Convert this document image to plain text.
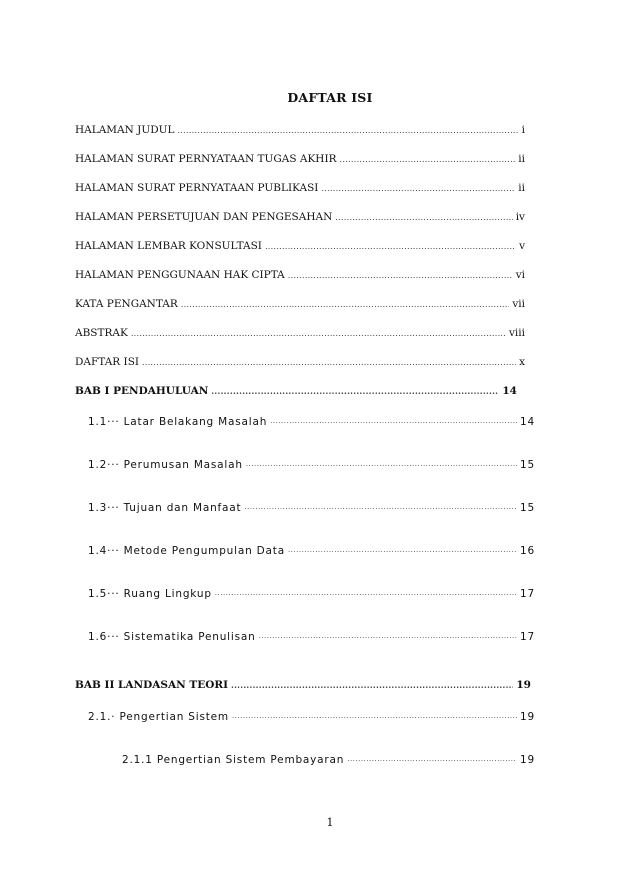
DAFTAR ISI
HALAMAN JUDUL .....	i
HALAMAN SURAT PERNYATAAN TUGAS AKHIR .....	ii
HALAMAN SURAT PERNYATAAN PUBLIKASI .....	ii
HALAMAN PERSETUJUAN DAN PENGESAHAN .....	iv
HALAMAN LEMBAR KONSULTASI .....	v
HALAMAN PENGGUNAAN HAK CIPTA .....	vi
KATA PENGANTAR .....	vii
ABSTRAK .....	viii
DAFTAR ISI .....	x
BAB I PENDAHULUAN .....	14
1.1··· Latar Belakang Masalah ·····	14
1.2··· Perumusan Masalah ·····	15
1.3··· Tujuan dan Manfaat ·····	15
1.4··· Metode Pengumpulan Data ·····	16
1.5··· Ruang Lingkup ·····	17
1.6··· Sistematika Penulisan ·····	17
BAB II LANDASAN TEORI .....	19
2.1.· Pengertian Sistem ·····	19
2.1.1 Pengertian Sistem Pembayaran ·····	19
1
